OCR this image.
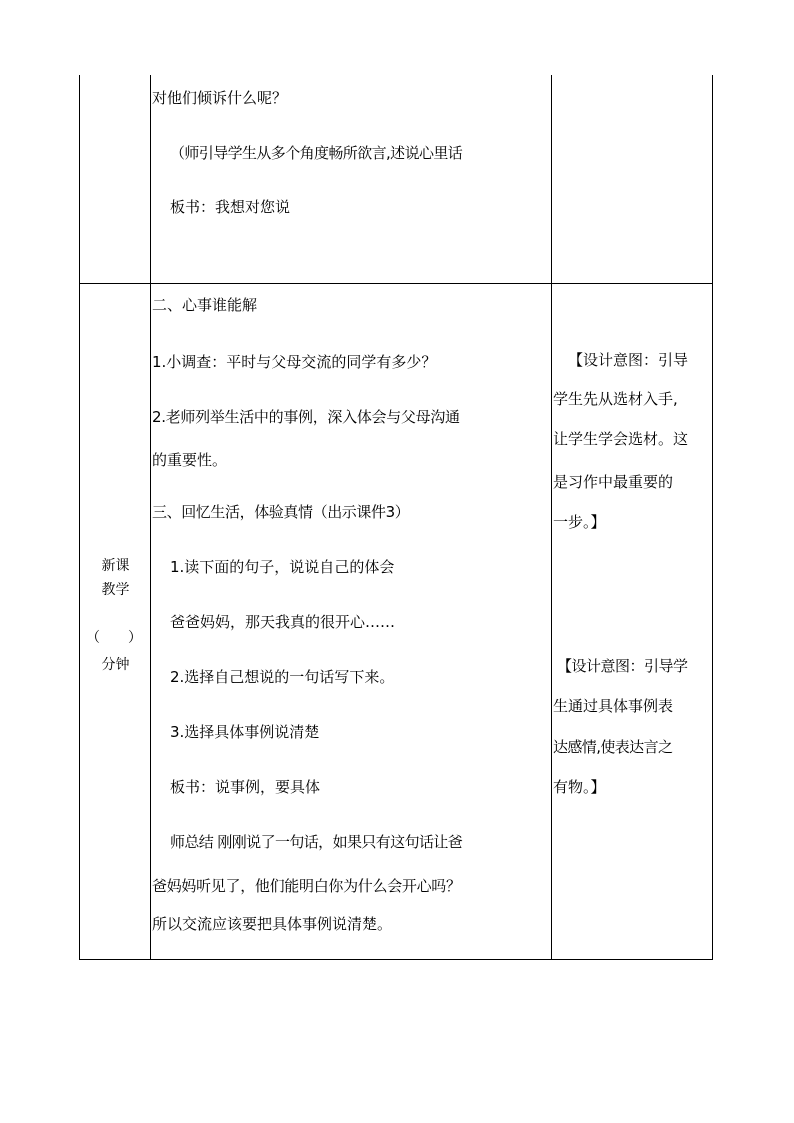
对他们倾诉什么呢？
（师引导学生从多个角度畅所欲言,述说心里话
板书：我想对您说
新课
教学
（ ）
分钟
二、心事谁能解
1.小调查：平时与父母交流的同学有多少？
2.老师列举生活中的事例，深入体会与父母沟通
的重要性。
三、回忆生活，体验真情（出示课件3）
1.读下面的句子，说说自己的体会
爸爸妈妈，那天我真的很开心……
2.选择自己想说的一句话写下来。
3.选择具体事例说清楚
板书：说事例，要具体
师总结 刚刚说了一句话，如果只有这句话让爸
爸妈妈听见了，他们能明白你为什么会开心吗？
所以交流应该要把具体事例说清楚。
【设计意图：引导
学生先从选材入手,
让学生学会选材。这
是习作中最重要的
一步。】
【设计意图：引导学
生通过具体事例表
达感情,使表达言之
有物。】
